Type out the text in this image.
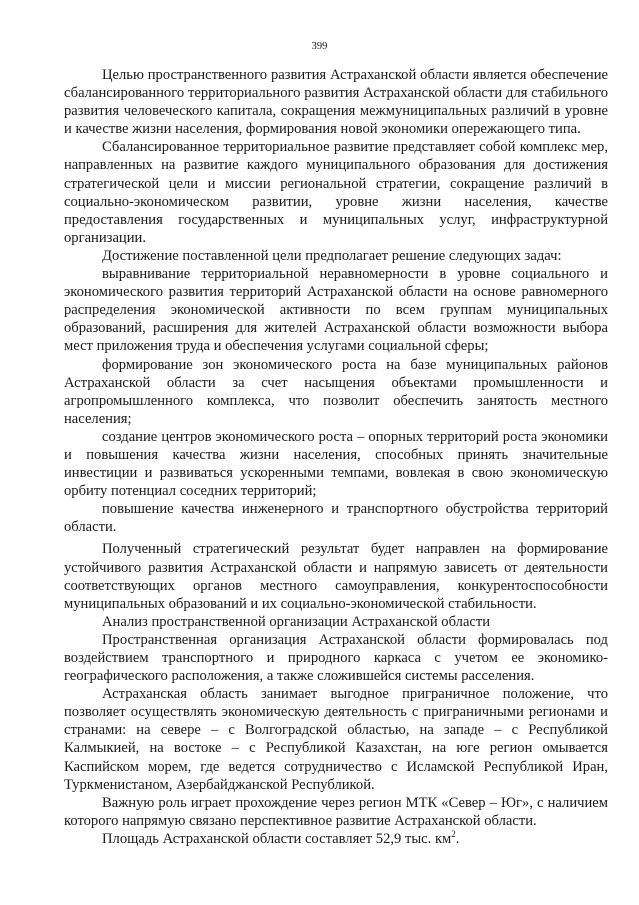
399

Целью пространственного развития Астраханской области является обеспечение сбалансированного территориального развития Астраханской области для стабильного развития человеческого капитала, сокращения межмуниципальных различий в уровне и качестве жизни населения, формирования новой экономики опережающего типа.

Сбалансированное территориальное развитие представляет собой комплекс мер, направленных на развитие каждого муниципального образования для достижения стратегической цели и миссии региональной стратегии, сокращение различий в социально-экономическом развитии, уровне жизни населения, качестве предоставления государственных и муниципальных услуг, инфраструктурной организации.

Достижение поставленной цели предполагает решение следующих задач:

выравнивание территориальной неравномерности в уровне социального и экономического развития территорий Астраханской области на основе равномерного распределения экономической активности по всем группам муниципальных образований, расширения для жителей Астраханской области возможности выбора мест приложения труда и обеспечения услугами социальной сферы;

формирование зон экономического роста на базе муниципальных районов Астраханской области за счет насыщения объектами промышленности и агропромышленного комплекса, что позволит обеспечить занятость местного населения;

создание центров экономического роста – опорных территорий роста экономики и повышения качества жизни населения, способных принять значительные инвестиции и развиваться ускоренными темпами, вовлекая в свою экономическую орбиту потенциал соседних территорий;

повышение качества инженерного и транспортного обустройства территорий области.

Полученный стратегический результат будет направлен на формирование устойчивого развития Астраханской области и напрямую зависеть от деятельности соответствующих органов местного самоуправления, конкурентоспособности муниципальных образований и их социально-экономической стабильности.

Анализ пространственной организации Астраханской области

Пространственная организация Астраханской области формировалась под воздействием транспортного и природного каркаса с учетом ее экономико-географического расположения, а также сложившейся системы расселения.

Астраханская область занимает выгодное приграничное положение, что позволяет осуществлять экономическую деятельность с приграничными регионами и странами: на севере – с Волгоградской областью, на западе – с Республикой Калмыкией, на востоке – с Республикой Казахстан, на юге регион омывается Каспийском морем, где ведется сотрудничество с Исламской Республикой Иран, Туркменистаном, Азербайджанской Республикой.

Важную роль играет прохождение через регион МТК «Север – Юг», с наличием которого напрямую связано перспективное развитие Астраханской области.

Площадь Астраханской области составляет 52,9 тыс. $км^2$.
